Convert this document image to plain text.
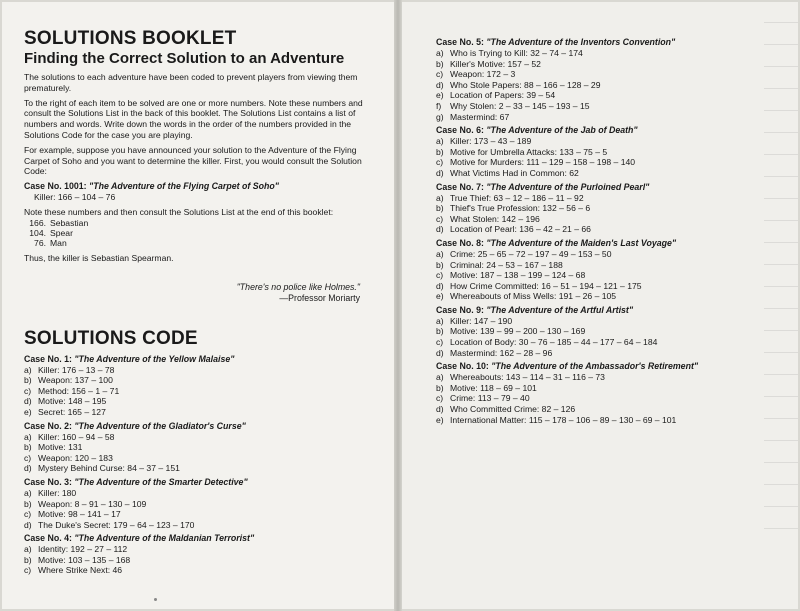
SOLUTIONS BOOKLET
Finding the Correct Solution to an Adventure

The solutions to each adventure have been coded to prevent players from viewing them prematurely.

To the right of each item to be solved are one or more numbers. Note these numbers and consult the Solutions List in the back of this booklet. The Solutions List contains a list of numbers and words. Write down the words in the order of the numbers provided in the Solutions Code for the case you are playing.

For example, suppose you have announced your solution to the Adventure of the Flying Carpet of Soho and you want to determine the killer. First, you would consult the Solution Code:

Case No. 1001: "The Adventure of the Flying Carpet of Soho"
Killer: 166 – 104 – 76

Note these numbers and then consult the Solutions List at the end of this booklet:

166. Sebastian
104. Spear
76. Man

Thus, the killer is Sebastian Spearman.

"There's no police like Holmes."
—Professor Moriarty
SOLUTIONS CODE
Case No. 1: "The Adventure of the Yellow Malaise"
a) Killer: 176 – 13 – 78
b) Weapon: 137 – 100
c) Method: 156 – 1 – 71
d) Motive: 148 – 195
e) Secret: 165 – 127
Case No. 2: "The Adventure of the Gladiator's Curse"
a) Killer: 160 – 94 – 58
b) Motive: 131
c) Weapon: 120 – 183
d) Mystery Behind Curse: 84 – 37 – 151
Case No. 3: "The Adventure of the Smarter Detective"
a) Killer: 180
b) Weapon: 8 – 91 – 130 – 109
c) Motive: 98 – 141 – 17
d) The Duke's Secret: 179 – 64 – 123 – 170
Case No. 4: "The Adventure of the Maldanian Terrorist"
a) Identity: 192 – 27 – 112
b) Motive: 103 – 135 – 168
c) Where Strike Next: 46
Case No. 5: "The Adventure of the Inventors Convention"
a) Who is Trying to Kill: 32 – 74 – 174
b) Killer's Motive: 157 – 52
c) Weapon: 172 – 3
d) Who Stole Papers: 88 – 166 – 128 – 29
e) Location of Papers: 39 – 54
f) Why Stolen: 2 – 33 – 145 – 193 – 15
g) Mastermind: 67
Case No. 6: "The Adventure of the Jab of Death"
a) Killer: 173 – 43 – 189
b) Motive for Umbrella Attacks: 133 – 75 – 5
c) Motive for Murders: 111 – 129 – 158 – 198 – 140
d) What Victims Had in Common: 62
Case No. 7: "The Adventure of the Purloined Pearl"
a) True Thief: 63 – 12 – 186 – 11 – 92
b) Thief's True Profession: 132 – 56 – 6
c) What Stolen: 142 – 196
d) Location of Pearl: 136 – 42 – 21 – 66
Case No. 8: "The Adventure of the Maiden's Last Voyage"
a) Crime: 25 – 65 – 72 – 197 – 49 – 153 – 50
b) Criminal: 24 – 53 – 167 – 188
c) Motive: 187 – 138 – 199 – 124 – 68
d) How Crime Committed: 16 – 51 – 194 – 121 – 175
e) Whereabouts of Miss Wells: 191 – 26 – 105
Case No. 9: "The Adventure of the Artful Artist"
a) Killer: 147 – 190
b) Motive: 139 – 99 – 200 – 130 – 169
c) Location of Body: 30 – 76 – 185 – 44 – 177 – 64 – 184
d) Mastermind: 162 – 28 – 96
Case No. 10: "The Adventure of the Ambassador's Retirement"
a) Whereabouts: 143 – 114 – 31 – 116 – 73
b) Motive: 118 – 69 – 101
c) Crime: 113 – 79 – 40
d) Who Committed Crime: 82 – 126
e) International Matter: 115 – 178 – 106 – 89 – 130 – 69 – 101
